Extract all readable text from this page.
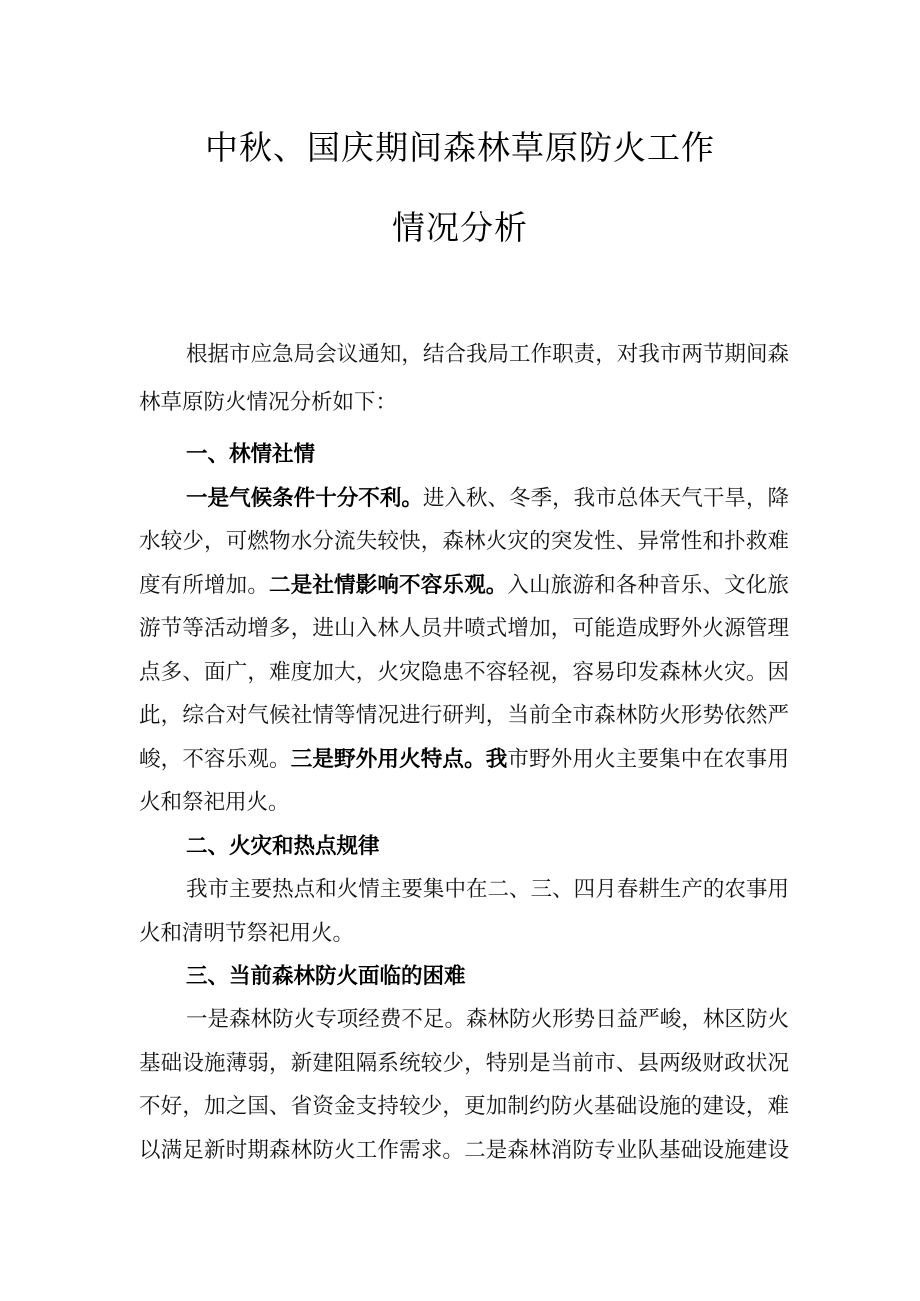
中秋、国庆期间森林草原防火工作
情况分析
根据市应急局会议通知，结合我局工作职责，对我市两节期间森
林草原防火情况分析如下：
一、林情社情
一是气候条件十分不利。进入秋、冬季，我市总体天气干旱，降
水较少，可燃物水分流失较快，森林火灾的突发性、异常性和扑救难
度有所增加。二是社情影响不容乐观。入山旅游和各种音乐、文化旅
游节等活动增多，进山入林人员井喷式增加，可能造成野外火源管理
点多、面广，难度加大，火灾隐患不容轻视，容易印发森林火灾。因
此，综合对气候社情等情况进行研判，当前全市森林防火形势依然严
峻，不容乐观。三是野外用火特点。我市野外用火主要集中在农事用
火和祭祀用火。
二、火灾和热点规律
我市主要热点和火情主要集中在二、三、四月春耕生产的农事用
火和清明节祭祀用火。
三、当前森林防火面临的困难
一是森林防火专项经费不足。森林防火形势日益严峻，林区防火
基础设施薄弱，新建阻隔系统较少，特别是当前市、县两级财政状况
不好，加之国、省资金支持较少，更加制约防火基础设施的建设，难
以满足新时期森林防火工作需求。二是森林消防专业队基础设施建设
